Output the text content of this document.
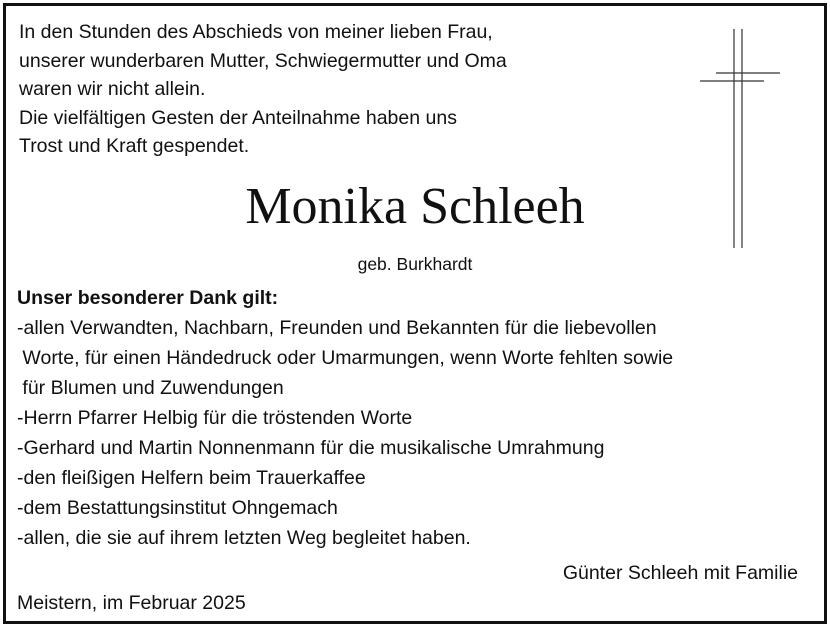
In den Stunden des Abschieds von meiner lieben Frau,
unserer wunderbaren Mutter, Schwiegermutter und Oma
waren wir nicht allein.
Die vielfältigen Gesten der Anteilnahme haben uns
Trost und Kraft gespendet.
Monika Schleeh
geb. Burkhardt
Unser besonderer Dank gilt:
-allen Verwandten, Nachbarn, Freunden und Bekannten für die liebevollen
Worte, für einen Händedruck oder Umarmungen, wenn Worte fehlten sowie
für Blumen und Zuwendungen
-Herrn Pfarrer Helbig für die tröstenden Worte
-Gerhard und Martin Nonnenmann für die musikalische Umrahmung
-den fleißigen Helfern beim Trauerkaffee
-dem Bestattungsinstitut Ohngemach
-allen, die sie auf ihrem letzten Weg begleitet haben.
Günter Schleeh mit Familie
Meistern, im Februar 2025
